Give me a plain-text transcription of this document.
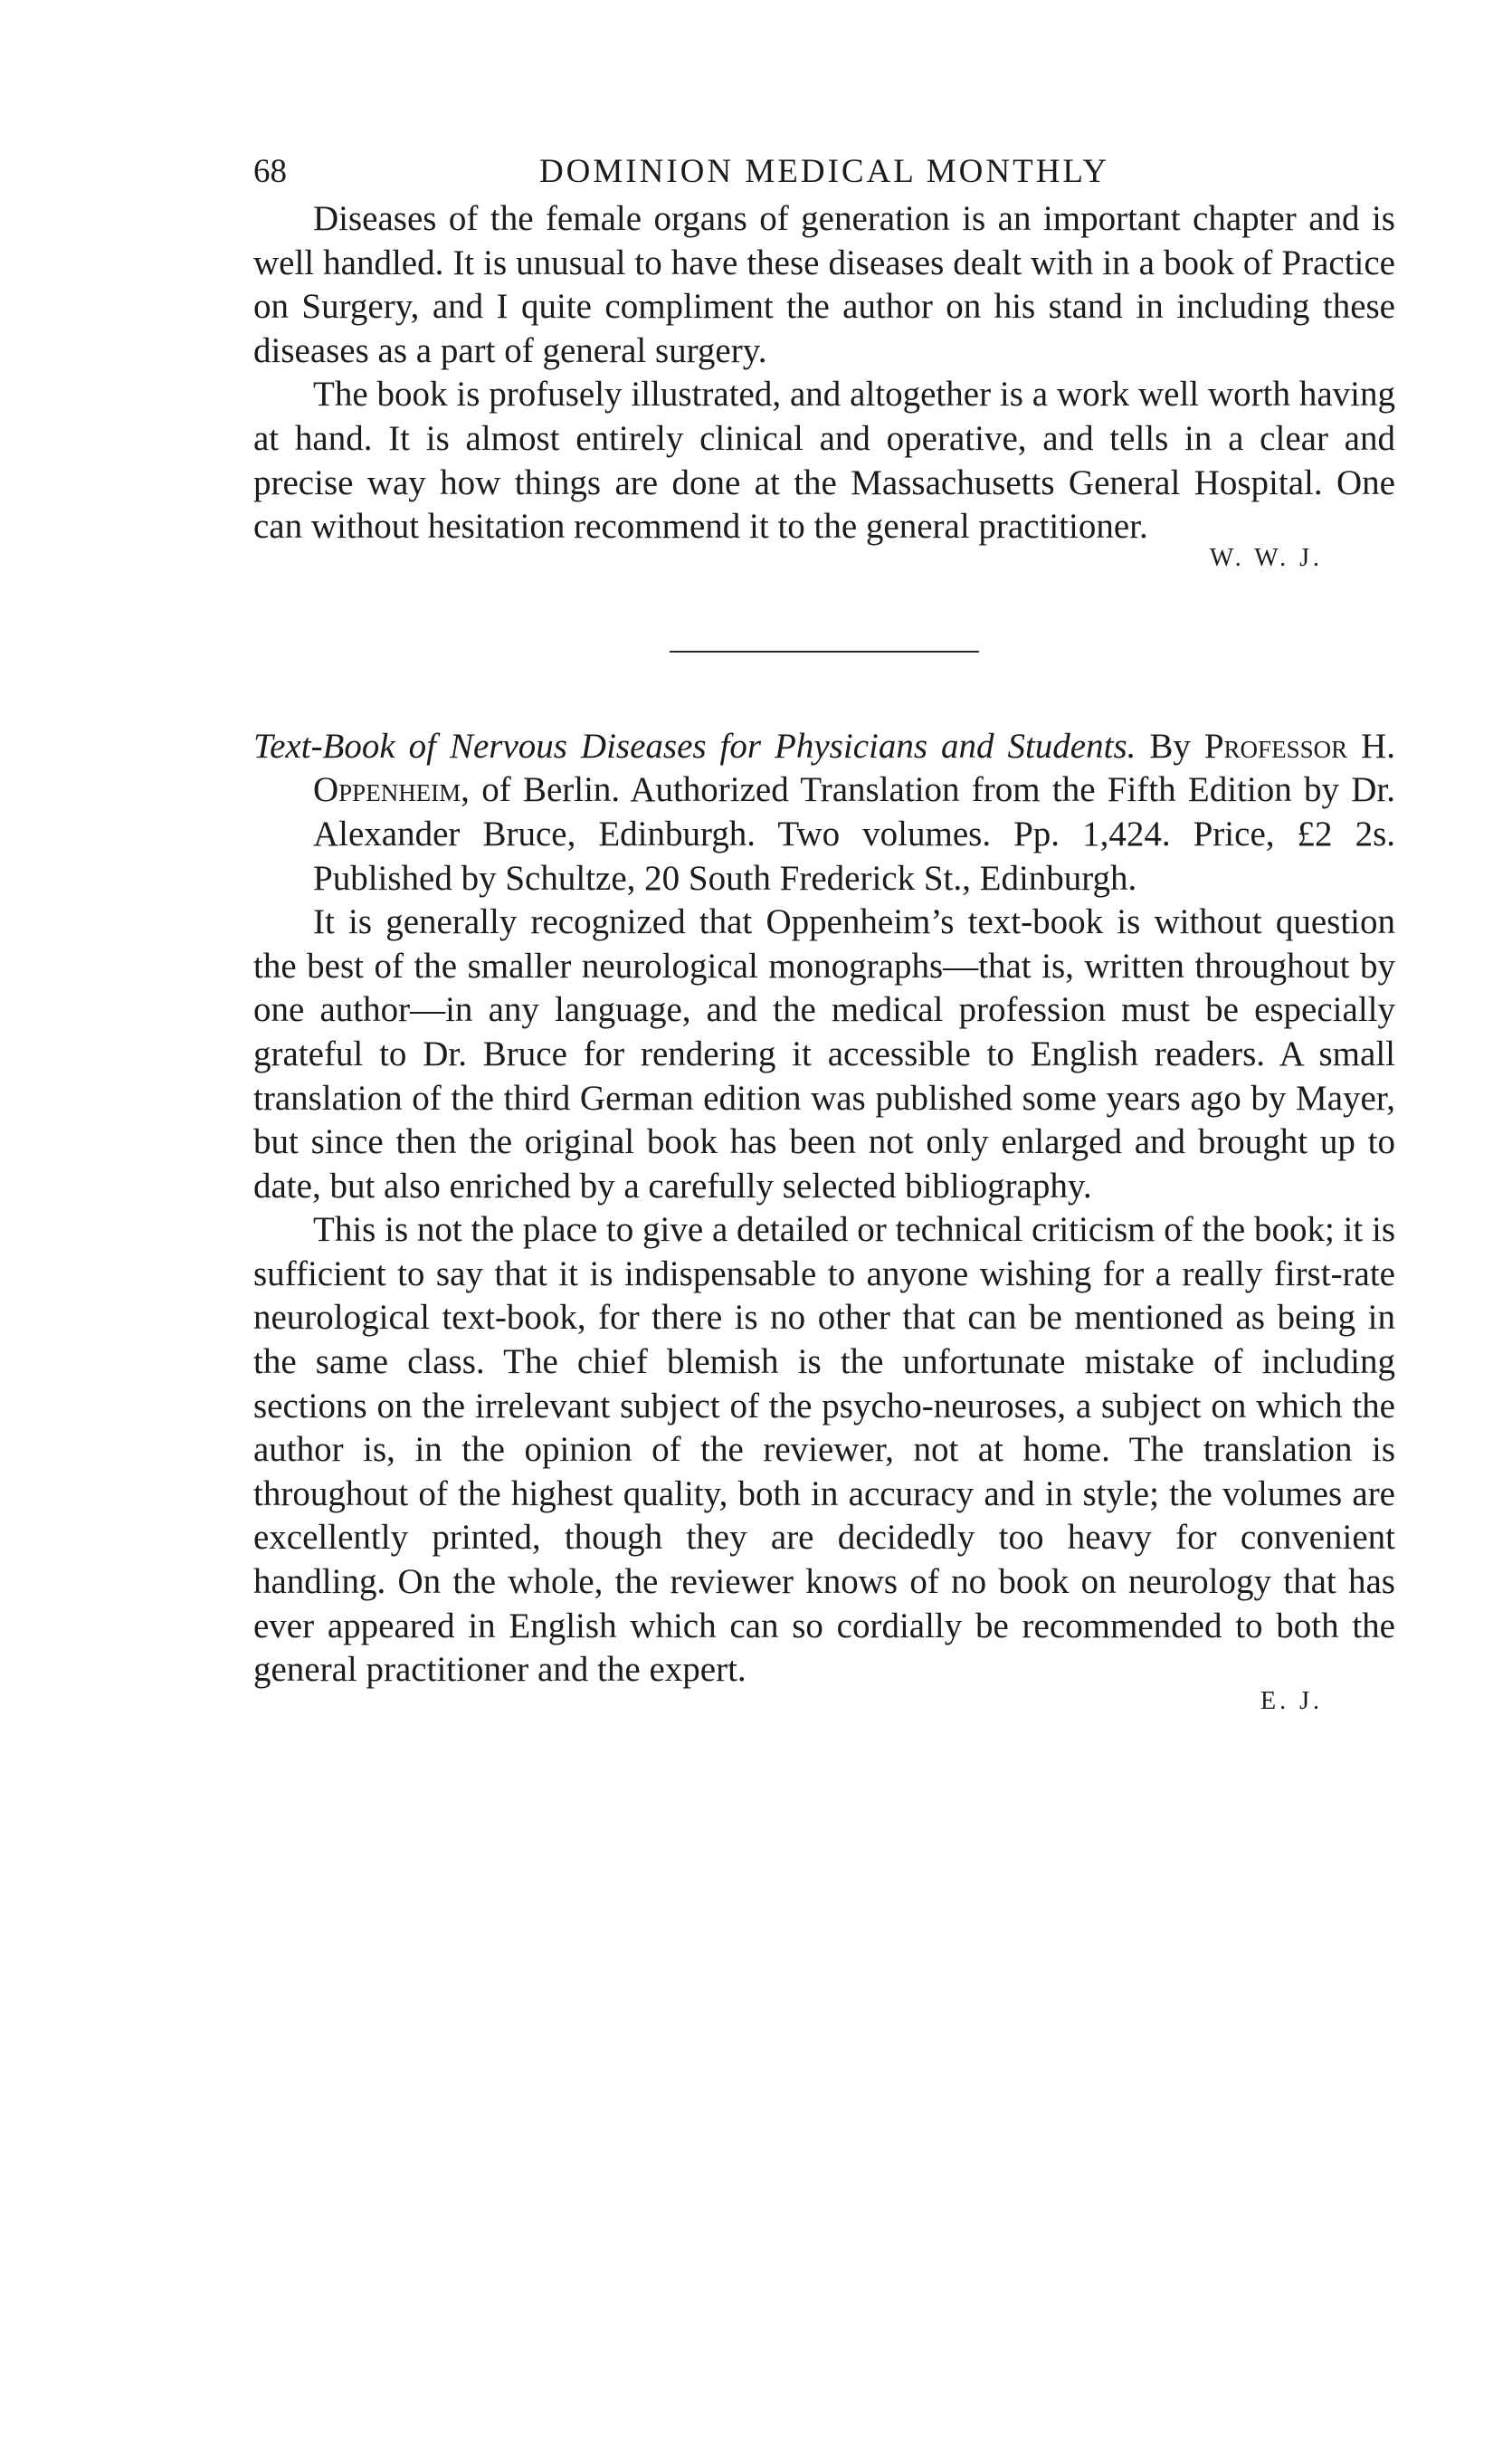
68	DOMINION MEDICAL MONTHLY

Diseases of the female organs of generation is an important chapter and is well handled. It is unusual to have these diseases dealt with in a book of Practice on Surgery, and I quite compliment the author on his stand in including these diseases as a part of general surgery.

The book is profusely illustrated, and altogether is a work well worth having at hand. It is almost entirely clinical and operative, and tells in a clear and precise way how things are done at the Massachusetts General Hospital. One can without hesitation recommend it to the general practitioner.

W. W. J.

Text-Book of Nervous Diseases for Physicians and Students. By Professor H. Oppenheim, of Berlin. Authorized Translation from the Fifth Edition by Dr. Alexander Bruce, Edinburgh. Two volumes. Pp. 1,424. Price, £2 2s. Published by Schultze, 20 South Frederick St., Edinburgh.

It is generally recognized that Oppenheim’s text-book is without question the best of the smaller neurological monographs—that is, written throughout by one author—in any language, and the medical profession must be especially grateful to Dr. Bruce for rendering it accessible to English readers. A small translation of the third German edition was published some years ago by Mayer, but since then the original book has been not only enlarged and brought up to date, but also enriched by a carefully selected bibliography.

This is not the place to give a detailed or technical criticism of the book; it is sufficient to say that it is indispensable to anyone wishing for a really first-rate neurological text-book, for there is no other that can be mentioned as being in the same class. The chief blemish is the unfortunate mistake of including sections on the irrelevant subject of the psycho-neuroses, a subject on which the author is, in the opinion of the reviewer, not at home. The translation is throughout of the highest quality, both in accuracy and in style; the volumes are excellently printed, though they are decidedly too heavy for convenient handling. On the whole, the reviewer knows of no book on neurology that has ever appeared in English which can so cordially be recommended to both the general practitioner and the expert.

E. J.
